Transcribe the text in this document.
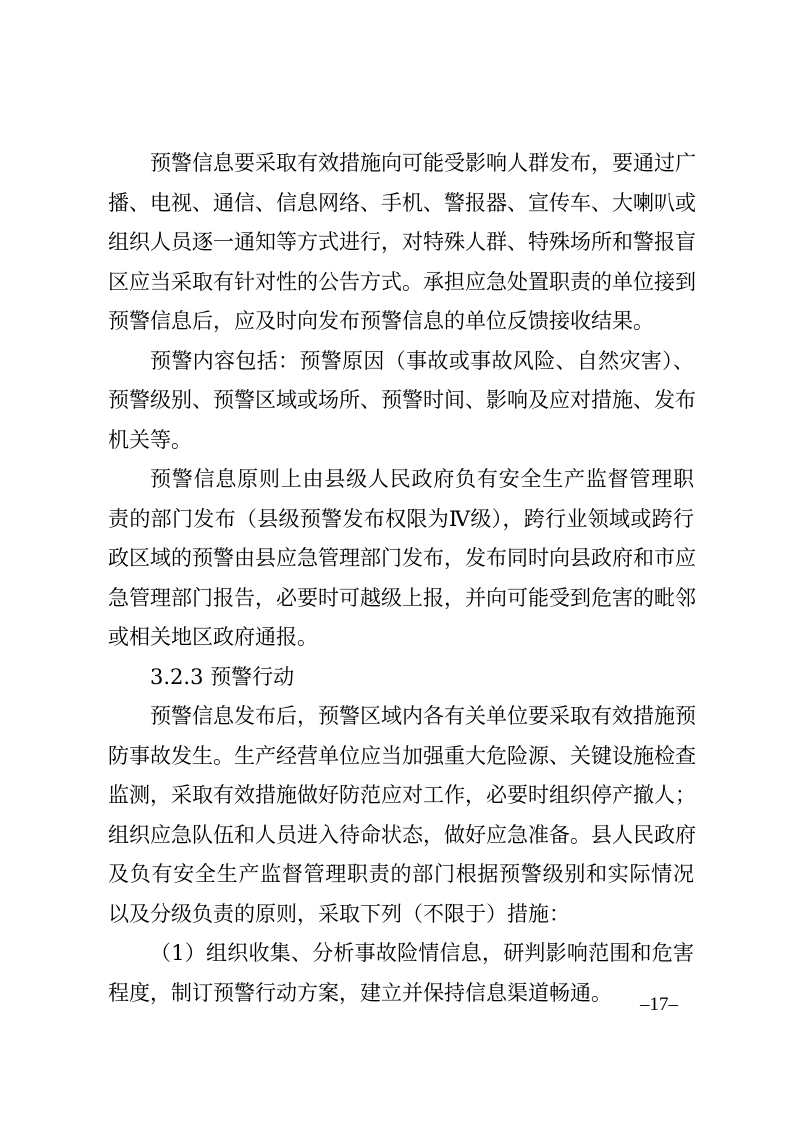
预警信息要采取有效措施向可能受影响人群发布，要通过广
播、电视、通信、信息网络、手机、警报器、宣传车、大喇叭或
组织人员逐一通知等方式进行，对特殊人群、特殊场所和警报盲
区应当采取有针对性的公告方式。承担应急处置职责的单位接到
预警信息后，应及时向发布预警信息的单位反馈接收结果。
预警内容包括：预警原因（事故或事故风险、自然灾害）、
预警级别、预警区域或场所、预警时间、影响及应对措施、发布
机关等。
预警信息原则上由县级人民政府负有安全生产监督管理职
责的部门发布（县级预警发布权限为Ⅳ级），跨行业领域或跨行
政区域的预警由县应急管理部门发布，发布同时向县政府和市应
急管理部门报告，必要时可越级上报，并向可能受到危害的毗邻
或相关地区政府通报。
3.2.3 预警行动
预警信息发布后，预警区域内各有关单位要采取有效措施预
防事故发生。生产经营单位应当加强重大危险源、关键设施检查
监测，采取有效措施做好防范应对工作，必要时组织停产撤人；
组织应急队伍和人员进入待命状态，做好应急准备。县人民政府
及负有安全生产监督管理职责的部门根据预警级别和实际情况
以及分级负责的原则，采取下列（不限于）措施：
（1）组织收集、分析事故险情信息，研判影响范围和危害
程度，制订预警行动方案，建立并保持信息渠道畅通。	–17–
